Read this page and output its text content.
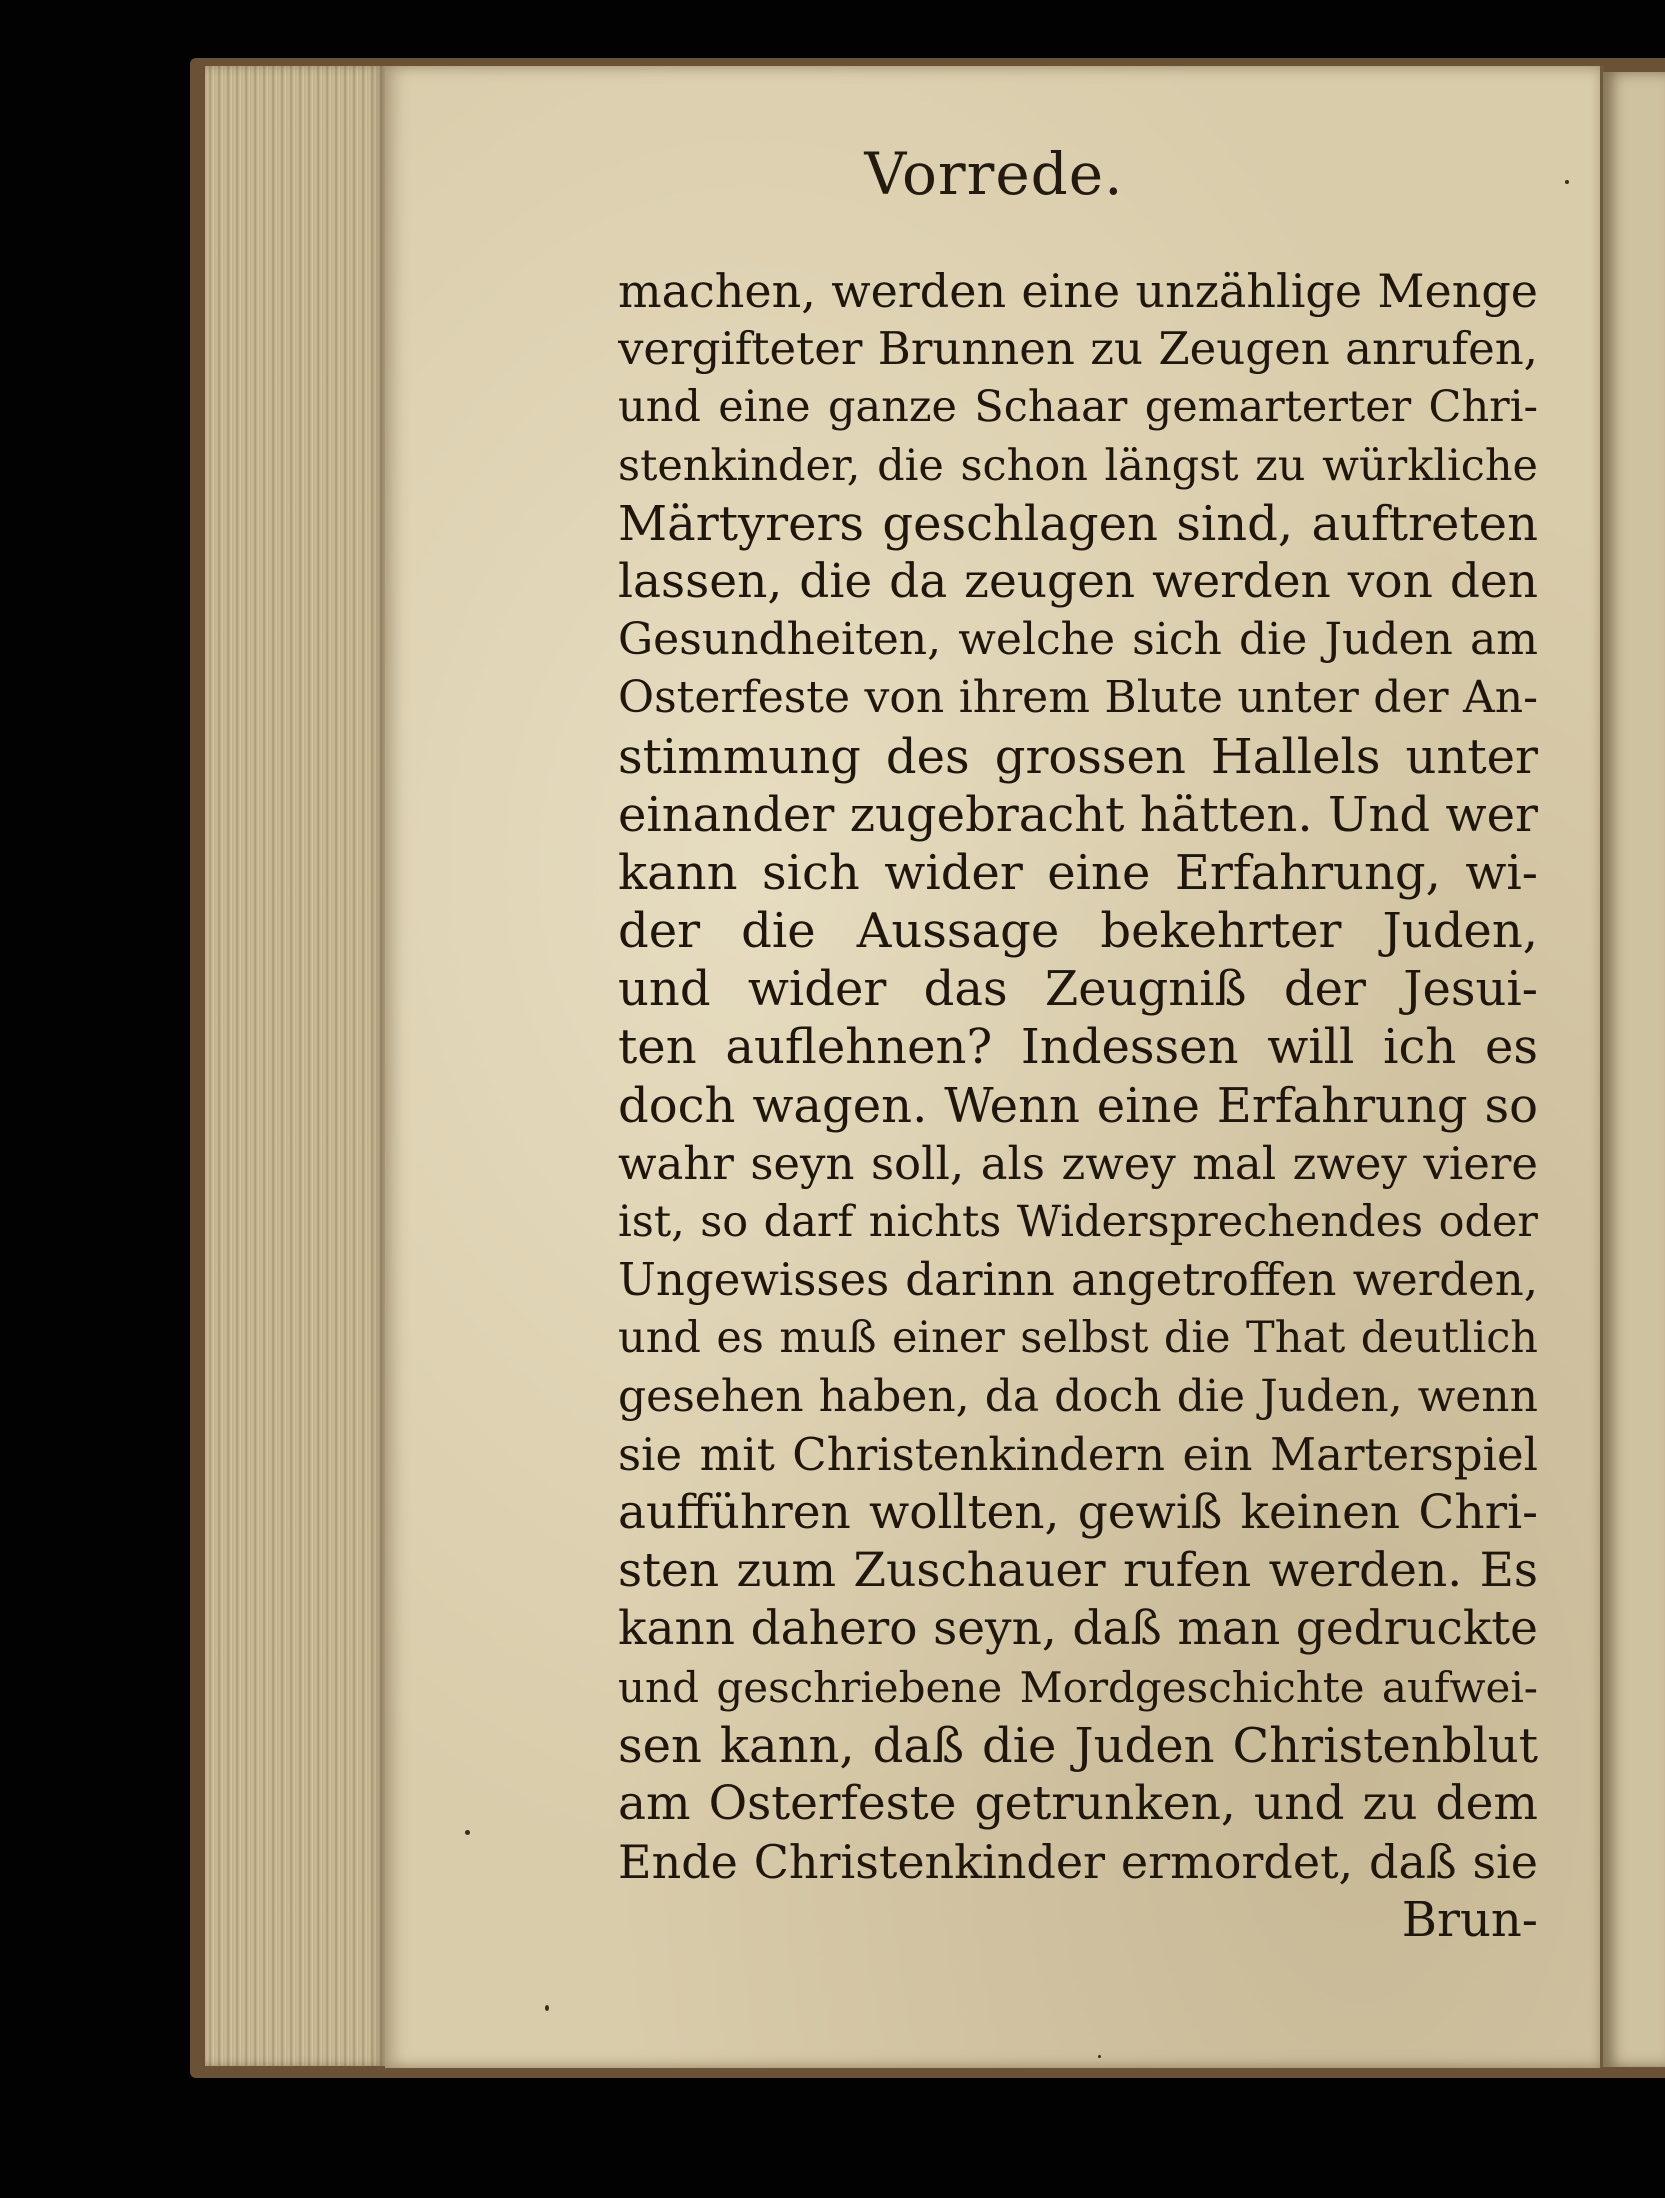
Vorrede.
machen, werden eine unzählige Menge
vergifteter Brunnen zu Zeugen anrufen,
und eine ganze Schaar gemarterter Chri-
stenkinder, die schon längst zu würkliche
Märtyrers geschlagen sind, auftreten
lassen, die da zeugen werden von den
Gesundheiten, welche sich die Juden am
Osterfeste von ihrem Blute unter der An-
stimmung des grossen Hallels unter
einander zugebracht hätten. Und wer
kann sich wider eine Erfahrung, wi-
der die Aussage bekehrter Juden,
und wider das Zeugniß der Jesui-
ten auflehnen? Indessen will ich es
doch wagen. Wenn eine Erfahrung so
wahr seyn soll, als zwey mal zwey viere
ist, so darf nichts Widersprechendes oder
Ungewisses darinn angetroffen werden,
und es muß einer selbst die That deutlich
gesehen haben, da doch die Juden, wenn
sie mit Christenkindern ein Marterspiel
aufführen wollten, gewiß keinen Chri-
sten zum Zuschauer rufen werden. Es
kann dahero seyn, daß man gedruckte
und geschriebene Mordgeschichte aufwei-
sen kann, daß die Juden Christenblut
am Osterfeste getrunken, und zu dem
Ende Christenkinder ermordet, daß sie
Brun-
